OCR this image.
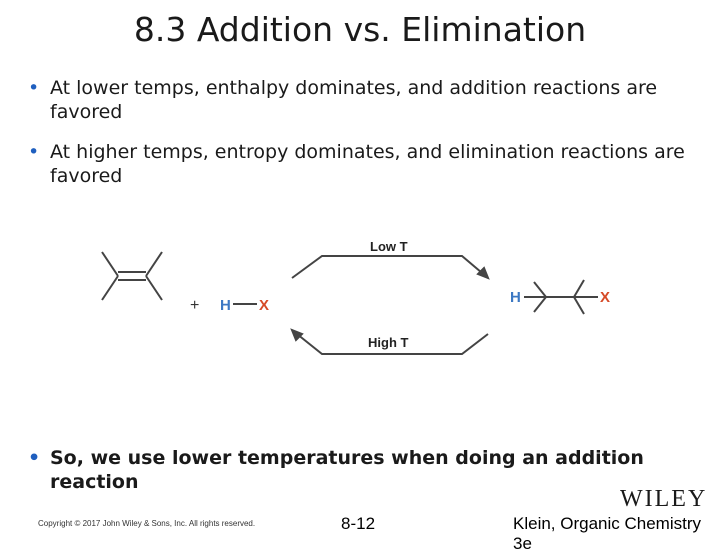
8.3 Addition vs. Elimination
• At lower temps, enthalpy dominates, and addition reactions are favored
• At higher temps, entropy dominates, and elimination reactions are favored
+ H X
Low T
High T
H	X
• So, we use lower temperatures when doing an addition reaction
WILEY
Copyright © 2017 John Wiley & Sons, Inc. All rights reserved.	8-12	Klein, Organic Chemistry 3e
